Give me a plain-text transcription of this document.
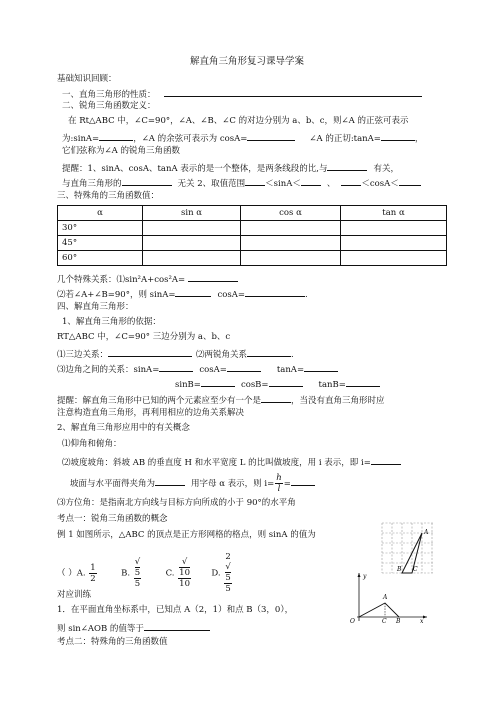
解直角三角形复习课导学案
基础知识回顾：
一、直角三角形的性质：
二、锐角三角函数定义：
在 Rt△ABC 中，∠C=90°，∠A、∠B、∠C 的对边分别为 a、b、c，则∠A 的正弦可表示
为:sinA=	，∠A 的余弦可表示为 cosA=	∠A 的正切:tanA=	，
它们弦称为∠A 的锐角三角函数
提醒：1、sinA、cosA、tanA 表示的是一个整体，是两条线段的比,与	有关，
与直角三角形的	无关 2、取值范围 ＜sinA＜	、	＜cosA＜
三、特殊角的三角函数值：
α	sin α	cos α	tan α
30°			
45°			
60°			
几个特殊关系：⑴sin²A+cos²A=
⑵若∠A+∠B=90°，则 sinA=	cosA=	.
四、解直角三角形：
1、解直角三角形的依据：
RT△ABC 中，∠C=90° 三边分别为 a、b、c
⑴三边关系：	⑵两锐角关系	.
⑶边角之间的关系：sinA=	cosA=	tanA=
sinB=	cosB=	tanB=
提醒：解直角三角形中已知的两个元素应至少有一个是	，当没有直角三角形时应
注意构造直角三角形，再利用相应的边角关系解决
2、解直角三角形应用中的有关概念
⑴仰角和俯角：
⑵坡度坡角：斜坡 AB 的垂直度 H 和水平宽度 L 的比叫做坡度，用 i 表示，即 i=
坡面与水平面得夹角为	用字母 α 表示，则 $i= \frac{h}{l}$ =
⑶方位角：是指南北方向线与目标方向所成的小于 90°的水平角
考点一：锐角三角函数的概念
例 1 如图所示，△ABC 的顶点是正方形网格的格点，则 sinA 的值为
（ ）A. $\frac{1}{2}$	B. √
5
5	C. √
10
10 D. 2
√
5
5
对应训练
1．在平面直角坐标系中，已知点 A（2，1）和点 B（3，0），
则 sin∠AOB 的值等于
考点二：特殊角的三角函数值
A
B C
y
A
O	C B	x
